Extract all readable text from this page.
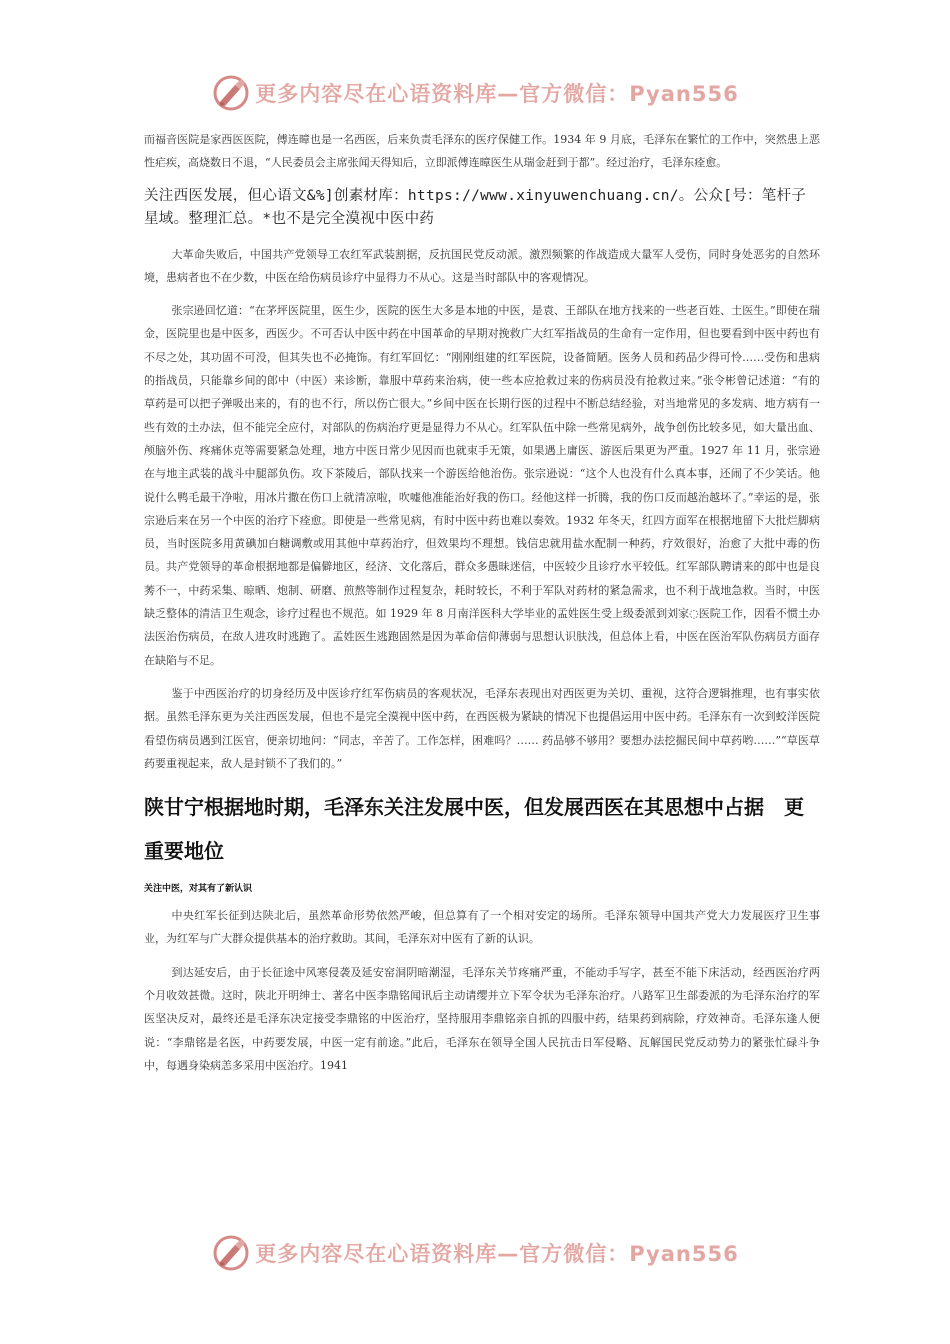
更多内容尽在心语资料库—官方微信：Pyan556

而福音医院是家西医医院，傅连暲也是一名西医，后来负责毛泽东的医疗保健工作。1934 年 9 月底，毛泽东在繁忙的工作中，突然患上恶性疟疾，高烧数日不退，“人民委员会主席张闻天得知后，立即派傅连暲医生从瑞金赶到于都”。经过治疗，毛泽东痊愈。

关注西医发展，但心语文&%]创素材库：https://www.xinyuwenchuang.cn/。公众[号：笔杆子星域。整理汇总。*也不是完全漠视中医中药

大革命失败后，中国共产党领导工农红军武装割据，反抗国民党反动派。激烈频繁的作战造成大量军人受伤，同时身处恶劣的自然环境，患病者也不在少数，中医在给伤病员诊疗中显得力不从心。这是当时部队中的客观情况。

张宗逊回忆道：“在茅坪医院里，医生少，医院的医生大多是本地的中医，是袁、王部队在地方找来的一些老百姓、土医生。”即使在瑞金，医院里也是中医多，西医少。不可否认中医中药在中国革命的早期对挽救广大红军指战员的生命有一定作用，但也要看到中医中药也有不尽之处，其功固不可没，但其失也不必掩饰。有红军回忆：“刚刚组建的红军医院，设备简陋。医务人员和药品少得可怜……受伤和患病的指战员，只能靠乡间的郎中（中医）来诊断，靠服中草药来治病，使一些本应抢救过来的伤病员没有抢救过来。”张令彬曾记述道：“有的草药是可以把子弹吸出来的，有的也不行，所以伤亡很大。”乡间中医在长期行医的过程中不断总结经验，对当地常见的多发病、地方病有一些有效的土办法，但不能完全应付，对部队的伤病治疗更是显得力不从心。红军队伍中除一些常见病外，战争创伤比较多见，如大量出血、颅脑外伤、疼痛休克等需要紧急处理，地方中医日常少见因而也就束手无策，如果遇上庸医、游医后果更为严重。1927 年 11 月，张宗逊在与地主武装的战斗中腿部负伤。攻下茶陵后，部队找来一个游医给他治伤。张宗逊说：“这个人也没有什么真本事，还闹了不少笑话。他说什么鸭毛最干净啦，用冰片撒在伤口上就清凉啦，吹嘘他准能治好我的伤口。经他这样一折腾，我的伤口反而越治越坏了。”幸运的是，张宗逊后来在另一个中医的治疗下痊愈。即使是一些常见病，有时中医中药也难以奏效。1932 年冬天，红四方面军在根据地留下大批烂脚病员，当时医院多用黄碘加白糖调敷或用其他中草药治疗，但效果均不理想。钱信忠就用盐水配制一种药，疗效很好，治愈了大批中毒的伤员。共产党领导的革命根据地都是偏僻地区，经济、文化落后，群众多愚昧迷信，中医较少且诊疗水平较低。红军部队聘请来的郎中也是良莠不一，中药采集、晾晒、炮制、研磨、煎熬等制作过程复杂，耗时较长，不利于军队对药材的紧急需求，也不利于战地急救。当时，中医缺乏整体的清洁卫生观念，诊疗过程也不规范。如 1929 年 8 月南洋医科大学毕业的孟姓医生受上级委派到刘家◌医院工作，因看不惯土办法医治伤病员，在敌人进攻时逃跑了。孟姓医生逃跑固然是因为革命信仰薄弱与思想认识肤浅，但总体上看，中医在医治军队伤病员方面存在缺陷与不足。

鉴于中西医治疗的切身经历及中医诊疗红军伤病员的客观状况，毛泽东表现出对西医更为关切、重视，这符合逻辑推理，也有事实依据。虽然毛泽东更为关注西医发展，但也不是完全漠视中医中药，在西医极为紧缺的情况下也提倡运用中医中药。毛泽东有一次到蛟洋医院看望伤病员遇到江医官，便亲切地问：“同志，辛苦了。工作怎样，困难吗？…… 药品够不够用？要想办法挖掘民间中草药哟……”“草医草药要重视起来，敌人是封锁不了我们的。”

陕甘宁根据地时期，毛泽东关注发展中医，但发展西医在其思想中占据　更重要地位
关注中医，对其有了新认识

中央红军长征到达陕北后，虽然革命形势依然严峻，但总算有了一个相对安定的场所。毛泽东领导中国共产党大力发展医疗卫生事业，为红军与广大群众提供基本的治疗救助。其间，毛泽东对中医有了新的认识。

到达延安后，由于长征途中风寒侵袭及延安窑洞阴暗潮湿，毛泽东关节疼痛严重，不能动手写字，甚至不能下床活动，经西医治疗两个月收效甚微。这时，陕北开明绅士、著名中医李鼎铭闻讯后主动请缨并立下军令状为毛泽东治疗。八路军卫生部委派的为毛泽东治疗的军医坚决反对，最终还是毛泽东决定接受李鼎铭的中医治疗，坚持服用李鼎铭亲自抓的四服中药，结果药到病除，疗效神奇。毛泽东逢人便说：“李鼎铭是名医，中药要发展，中医一定有前途。”此后，毛泽东在领导全国人民抗击日军侵略、瓦解国民党反动势力的紧张忙碌斗争中，每遇身染病恙多采用中医治疗。1941

更多内容尽在心语资料库—官方微信：Pyan556
